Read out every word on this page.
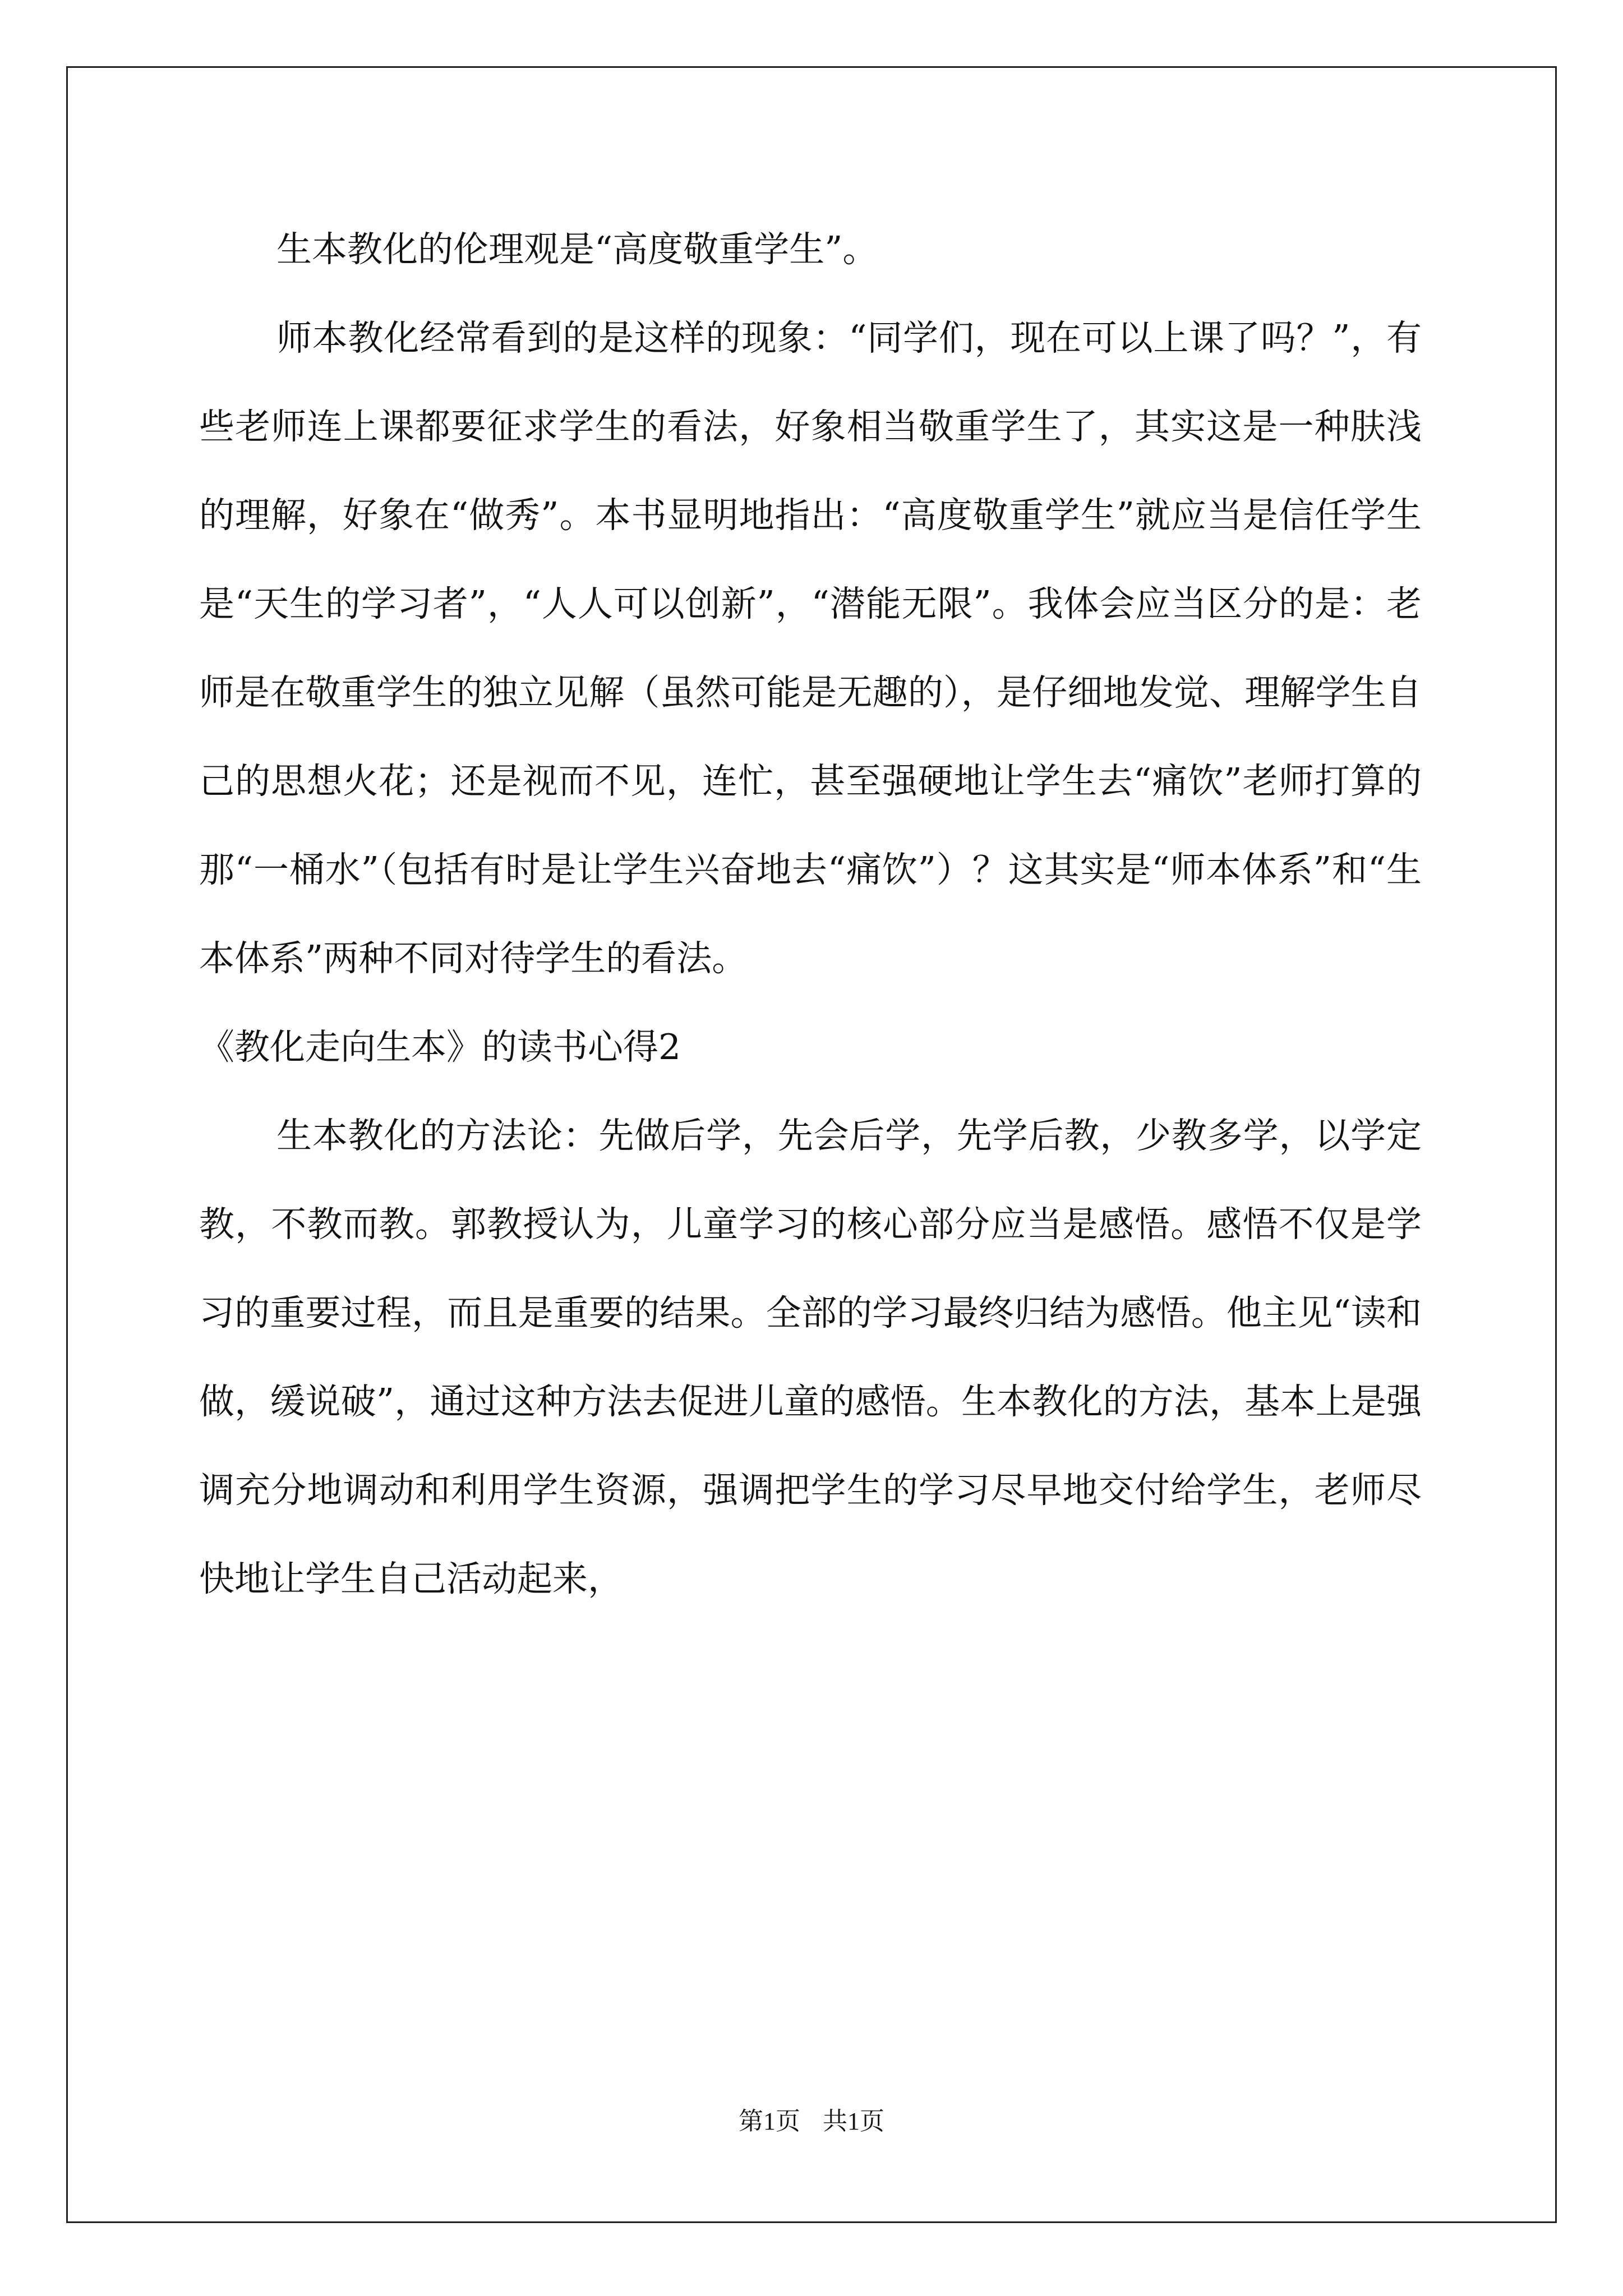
生本教化的伦理观是“高度敬重学生”。

师本教化经常看到的是这样的现象：“同学们，现在可以上课了吗？”，有些老师连上课都要征求学生的看法，好象相当敬重学生了，其实这是一种肤浅的理解，好象在“做秀”。本书显明地指出：“高度敬重学生”就应当是信任学生是“天生的学习者”，“人人可以创新”，“潜能无限”。我体会应当区分的是：老师是在敬重学生的独立见解（虽然可能是无趣的），是仔细地发觉、理解学生自己的思想火花；还是视而不见，连忙，甚至强硬地让学生去“痛饮”老师打算的那“一桶水”（包括有时是让学生兴奋地去“痛饮”）？这其实是“师本体系”和“生本体系”两种不同对待学生的看法。

《教化走向生本》的读书心得2

生本教化的方法论：先做后学，先会后学，先学后教，少教多学，以学定教，不教而教。郭教授认为，儿童学习的核心部分应当是感悟。感悟不仅是学习的重要过程，而且是重要的结果。全部的学习最终归结为感悟。他主见“读和做，缓说破”，通过这种方法去促进儿童的感悟。生本教化的方法，基本上是强调充分地调动和利用学生资源，强调把学生的学习尽早地交付给学生，老师尽快地让学生自己活动起来，

第1页 共1页
